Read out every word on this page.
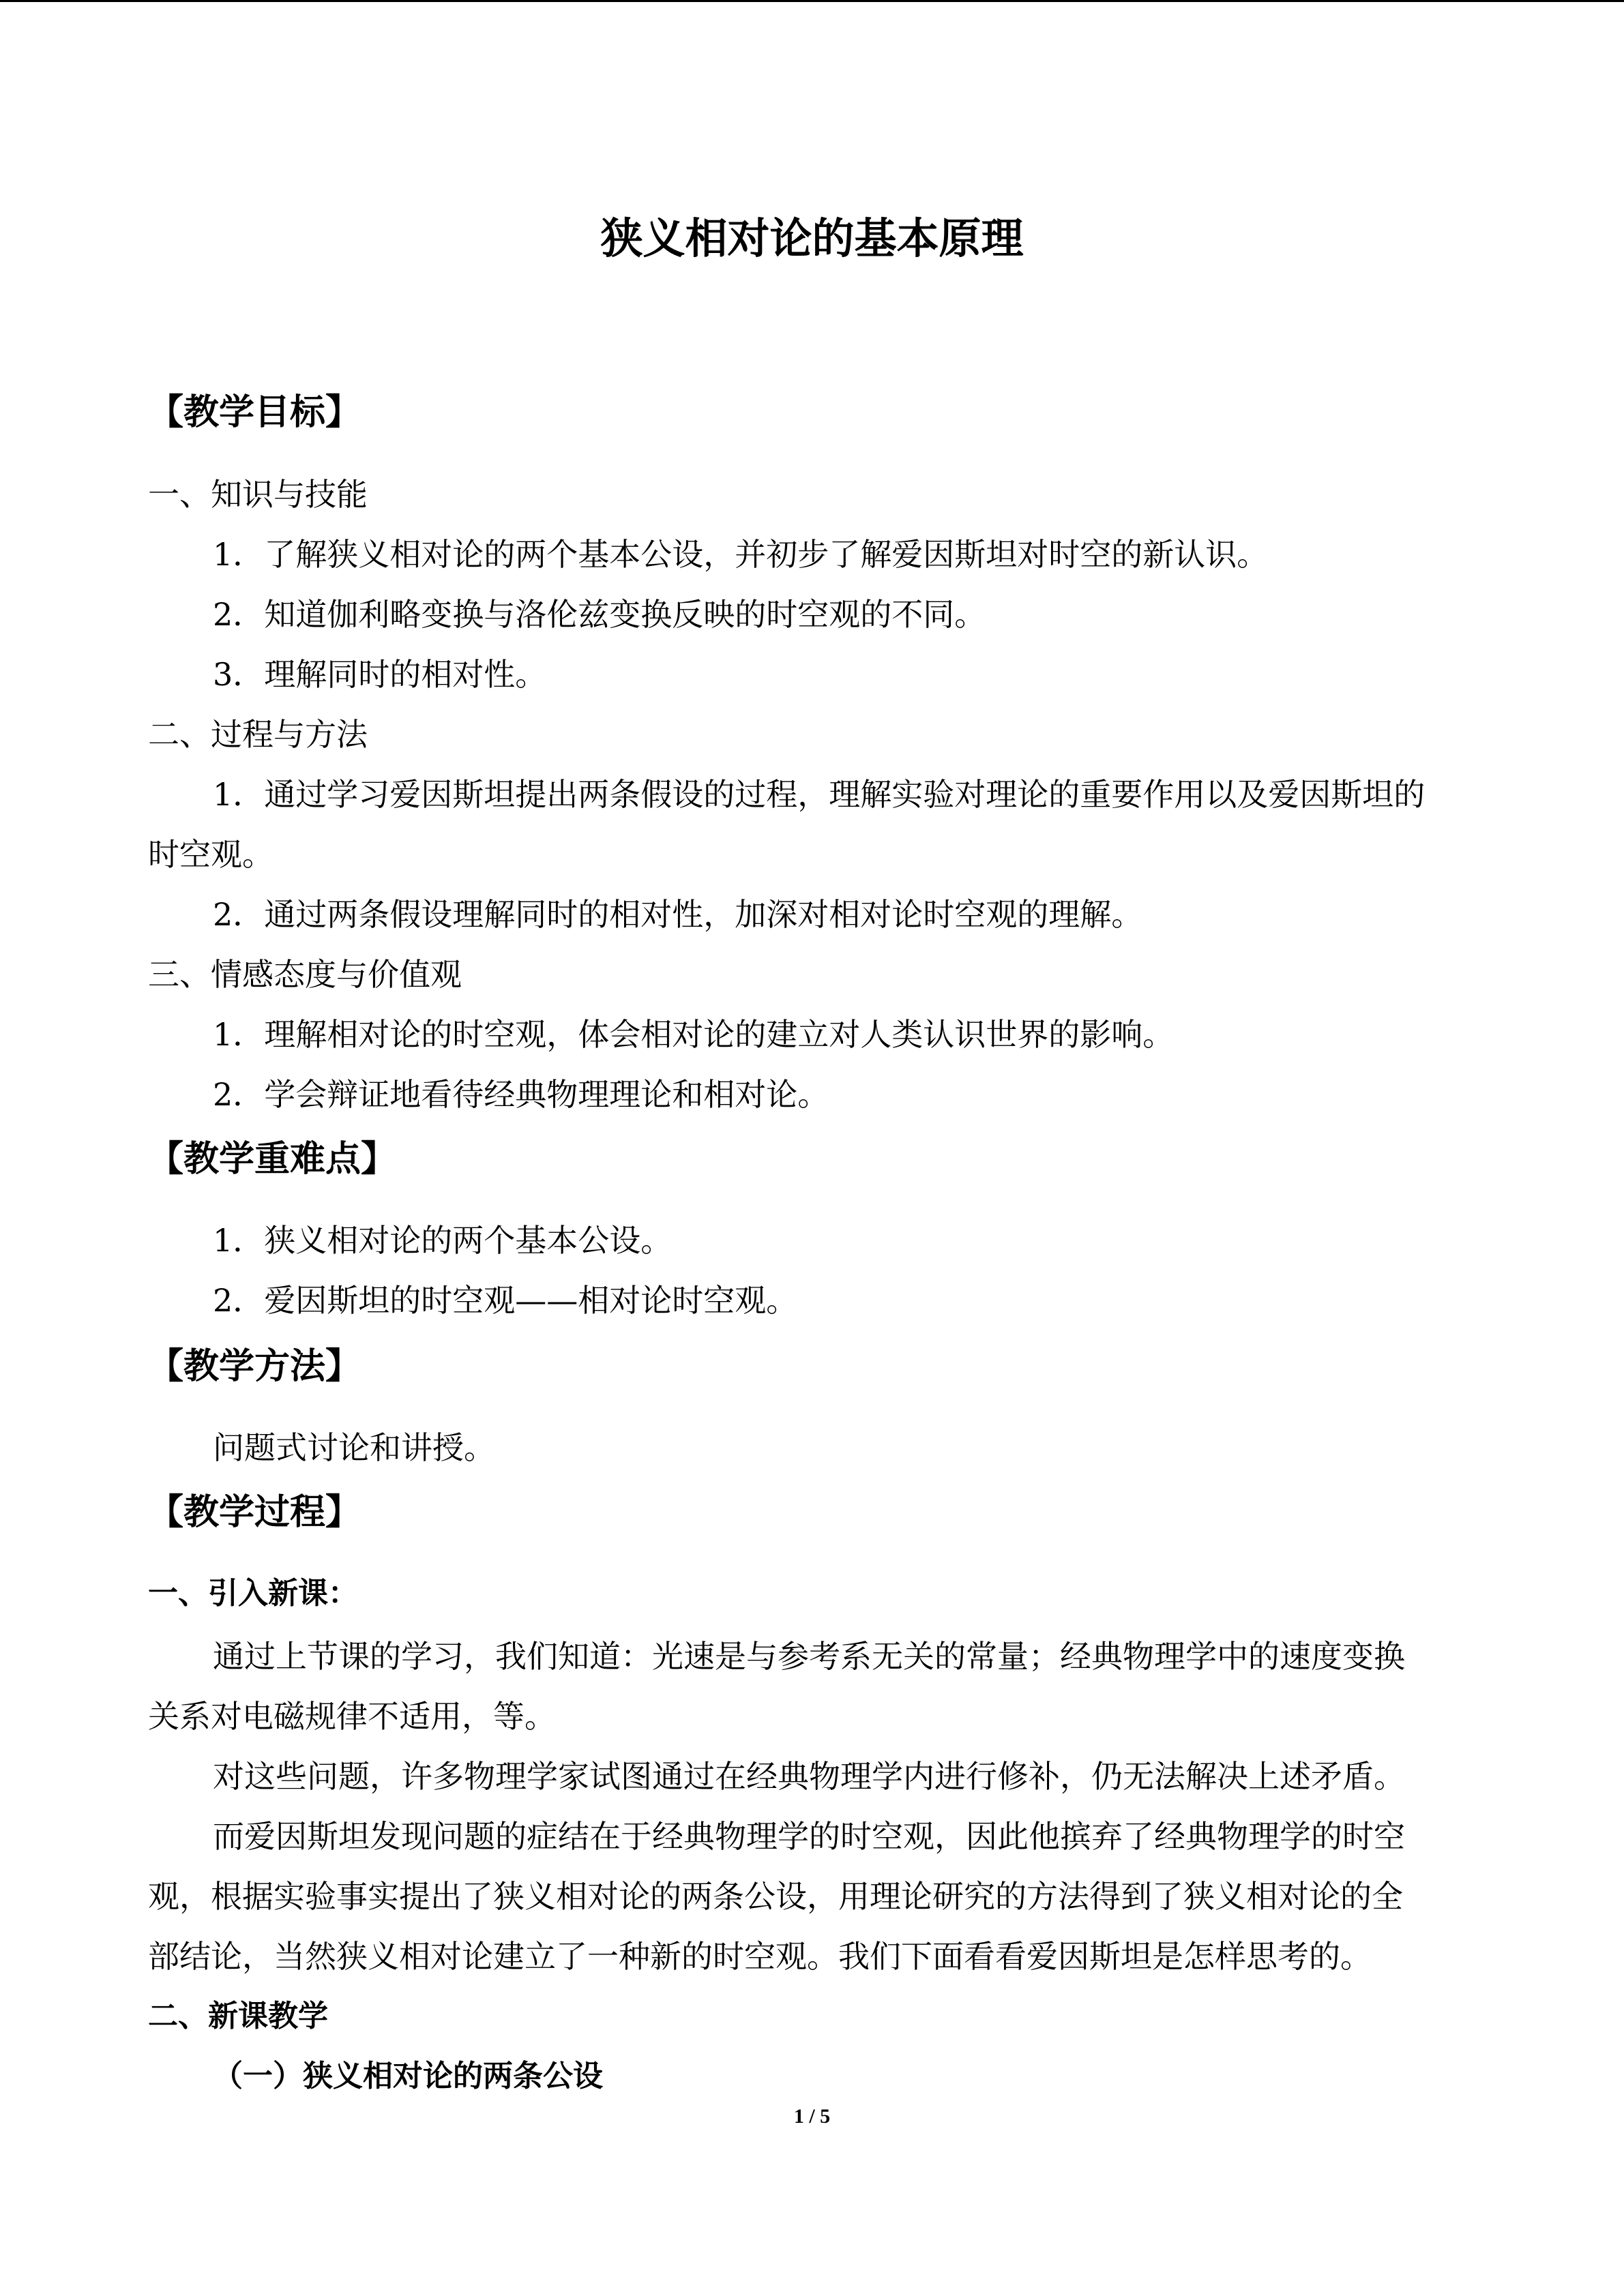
狭义相对论的基本原理
【教学目标】
一、知识与技能
1．了解狭义相对论的两个基本公设，并初步了解爱因斯坦对时空的新认识。
2．知道伽利略变换与洛伦兹变换反映的时空观的不同。
3．理解同时的相对性。
二、过程与方法
1．通过学习爱因斯坦提出两条假设的过程，理解实验对理论的重要作用以及爱因斯坦的
时空观。
2．通过两条假设理解同时的相对性，加深对相对论时空观的理解。
三、情感态度与价值观
1．理解相对论的时空观，体会相对论的建立对人类认识世界的影响。
2．学会辩证地看待经典物理理论和相对论。
【教学重难点】
1．狭义相对论的两个基本公设。
2．爱因斯坦的时空观——相对论时空观。
【教学方法】
问题式讨论和讲授。
【教学过程】
一、引入新课：
通过上节课的学习，我们知道：光速是与参考系无关的常量；经典物理学中的速度变换
关系对电磁规律不适用，等。
对这些问题，许多物理学家试图通过在经典物理学内进行修补，仍无法解决上述矛盾。
而爱因斯坦发现问题的症结在于经典物理学的时空观，因此他摈弃了经典物理学的时空
观，根据实验事实提出了狭义相对论的两条公设，用理论研究的方法得到了狭义相对论的全
部结论，当然狭义相对论建立了一种新的时空观。我们下面看看爱因斯坦是怎样思考的。
二、新课教学
（一）狭义相对论的两条公设
1 / 5
